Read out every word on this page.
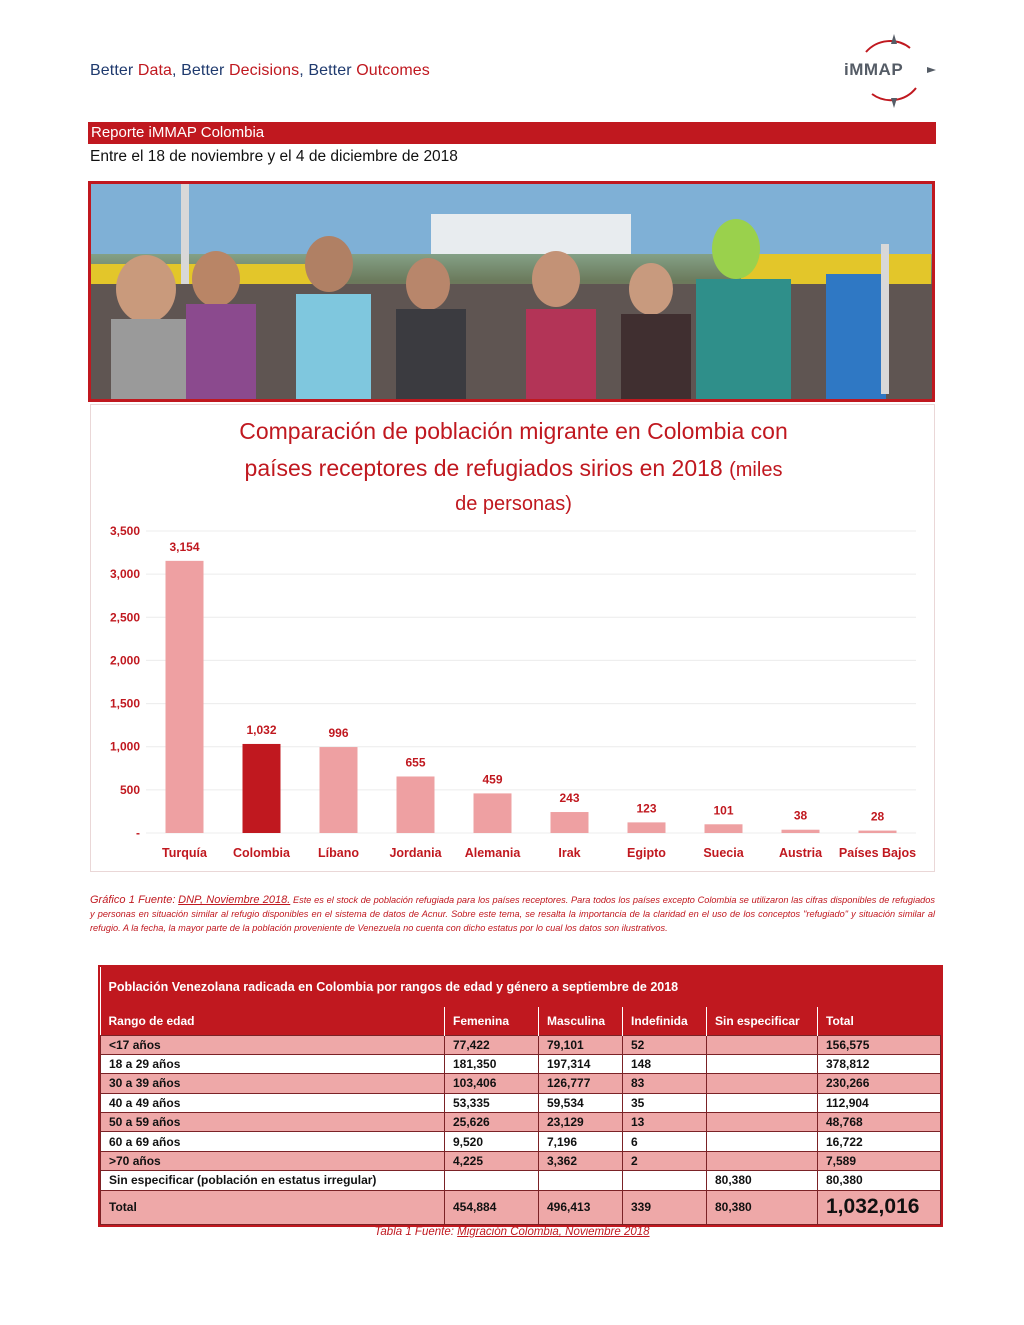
Better Data, Better Decisions, Better Outcomes	iMMAP
Reporte iMMAP Colombia
Entre el 18 de noviembre y el 4 de diciembre de 2018
Comparación de población migrante en Colombia con
países receptores de refugiados sirios en 2018 (miles
de personas)
-
500
1,000
1,500
2,000
2,500
3,000
3,500
3,154
Turquía
1,032
Colombia
996
Líbano
655
Jordania
459
Alemania
243
Irak
123
Egipto
101
Suecia
38
Austria
28
Países Bajos
Gráfico 1 Fuente: DNP, Noviembre 2018. Este es el stock de población refugiada para los países receptores. Para todos los países excepto Colombia se utilizaron las cifras disponibles de refugiados y personas en situación similar al refugio disponibles en el sistema de datos de Acnur. Sobre este tema, se resalta la importancia de la claridad en el uso de los conceptos "refugiado" y situación similar al refugio. A la fecha, la mayor parte de la población proveniente de Venezuela no cuenta con dicho estatus por lo cual los datos son ilustrativos.
Población Venezolana radicada en Colombia por rangos de edad y género a septiembre de 2018					
Rango de edad	Femenina	Masculina	Indefinida	Sin especificar	Total
<17 años	77,422	79,101	52		156,575
18 a 29 años	181,350	197,314	148		378,812
30 a 39 años	103,406	126,777	83		230,266
40 a 49 años	53,335	59,534	35		112,904
50 a 59 años	25,626	23,129	13		48,768
60 a 69 años	9,520	7,196	6		16,722
>70 años	4,225	3,362	2		7,589
Sin especificar (población en estatus irregular)				80,380	80,380
Total	454,884	496,413	339	80,380	1,032,016
Tabla 1 Fuente: Migración Colombia, Noviembre 2018
